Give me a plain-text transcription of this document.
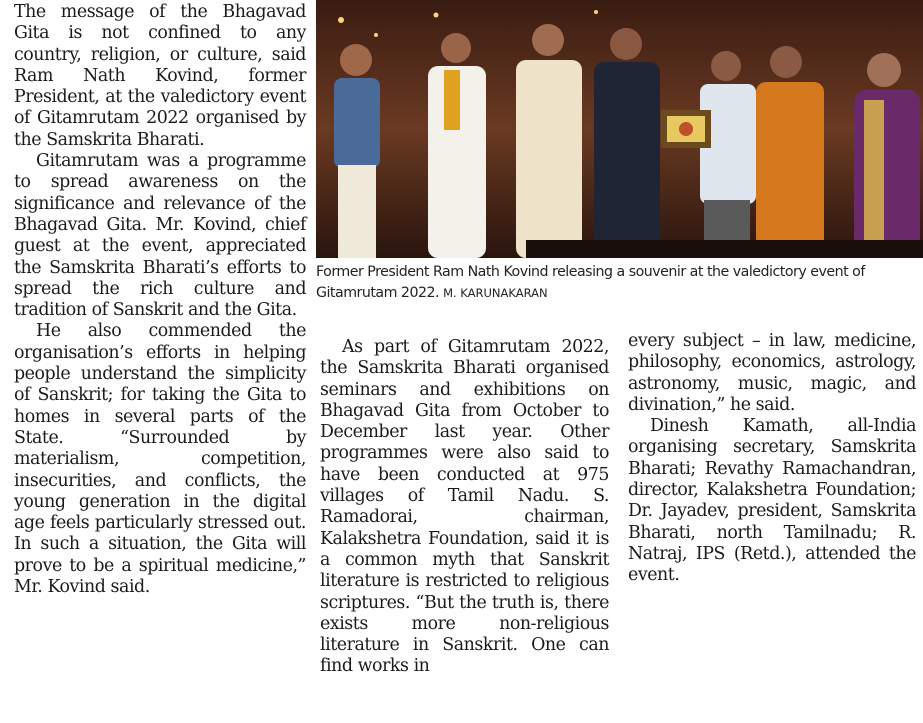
The message of the Bhagavad Gita is not confined to any country, religion, or culture, said Ram Nath Kovind, former President, at the valedictory event of Gitamrutam 2022 organised by the Samskrita Bharati.

Gitamrutam was a programme to spread awareness on the significance and relevance of the Bhagavad Gita. Mr. Kovind, chief guest at the event, appreciated the Samskrita Bharati’s efforts to spread the rich culture and tradition of Sanskrit and the Gita.

He also commended the organisation’s efforts in helping people understand the simplicity of Sanskrit; for taking the Gita to homes in several parts of the State. “Surrounded by materialism, competition, insecurities, and conflicts, the young generation in the digital age feels particularly stressed out. In such a situation, the Gita will prove to be a spiritual medicine,” Mr. Kovind said.

Former President Ram Nath Kovind releasing a souvenir at the valedictory event of Gitamrutam 2022. M. KARUNAKARAN

As part of Gitamrutam 2022, the Samskrita Bharati organised seminars and exhibitions on Bhagavad Gita from October to December last year. Other programmes were also said to have been conducted at 975 villages of Tamil Nadu. S. Ramadorai, chairman, Kalakshetra Foundation, said it is a common myth that Sanskrit literature is restricted to religious scriptures. “But the truth is, there exists more non-religious literature in Sanskrit. One can find works in

every subject – in law, medicine, philosophy, economics, astrology, astronomy, music, magic, and divination,” he said.

Dinesh Kamath, all-India organising secretary, Samskrita Bharati; Revathy Ramachandran, director, Kalakshetra Foundation; Dr. Jayadev, president, Samskrita Bharati, north Tamilnadu; R. Natraj, IPS (Retd.), attended the event.
